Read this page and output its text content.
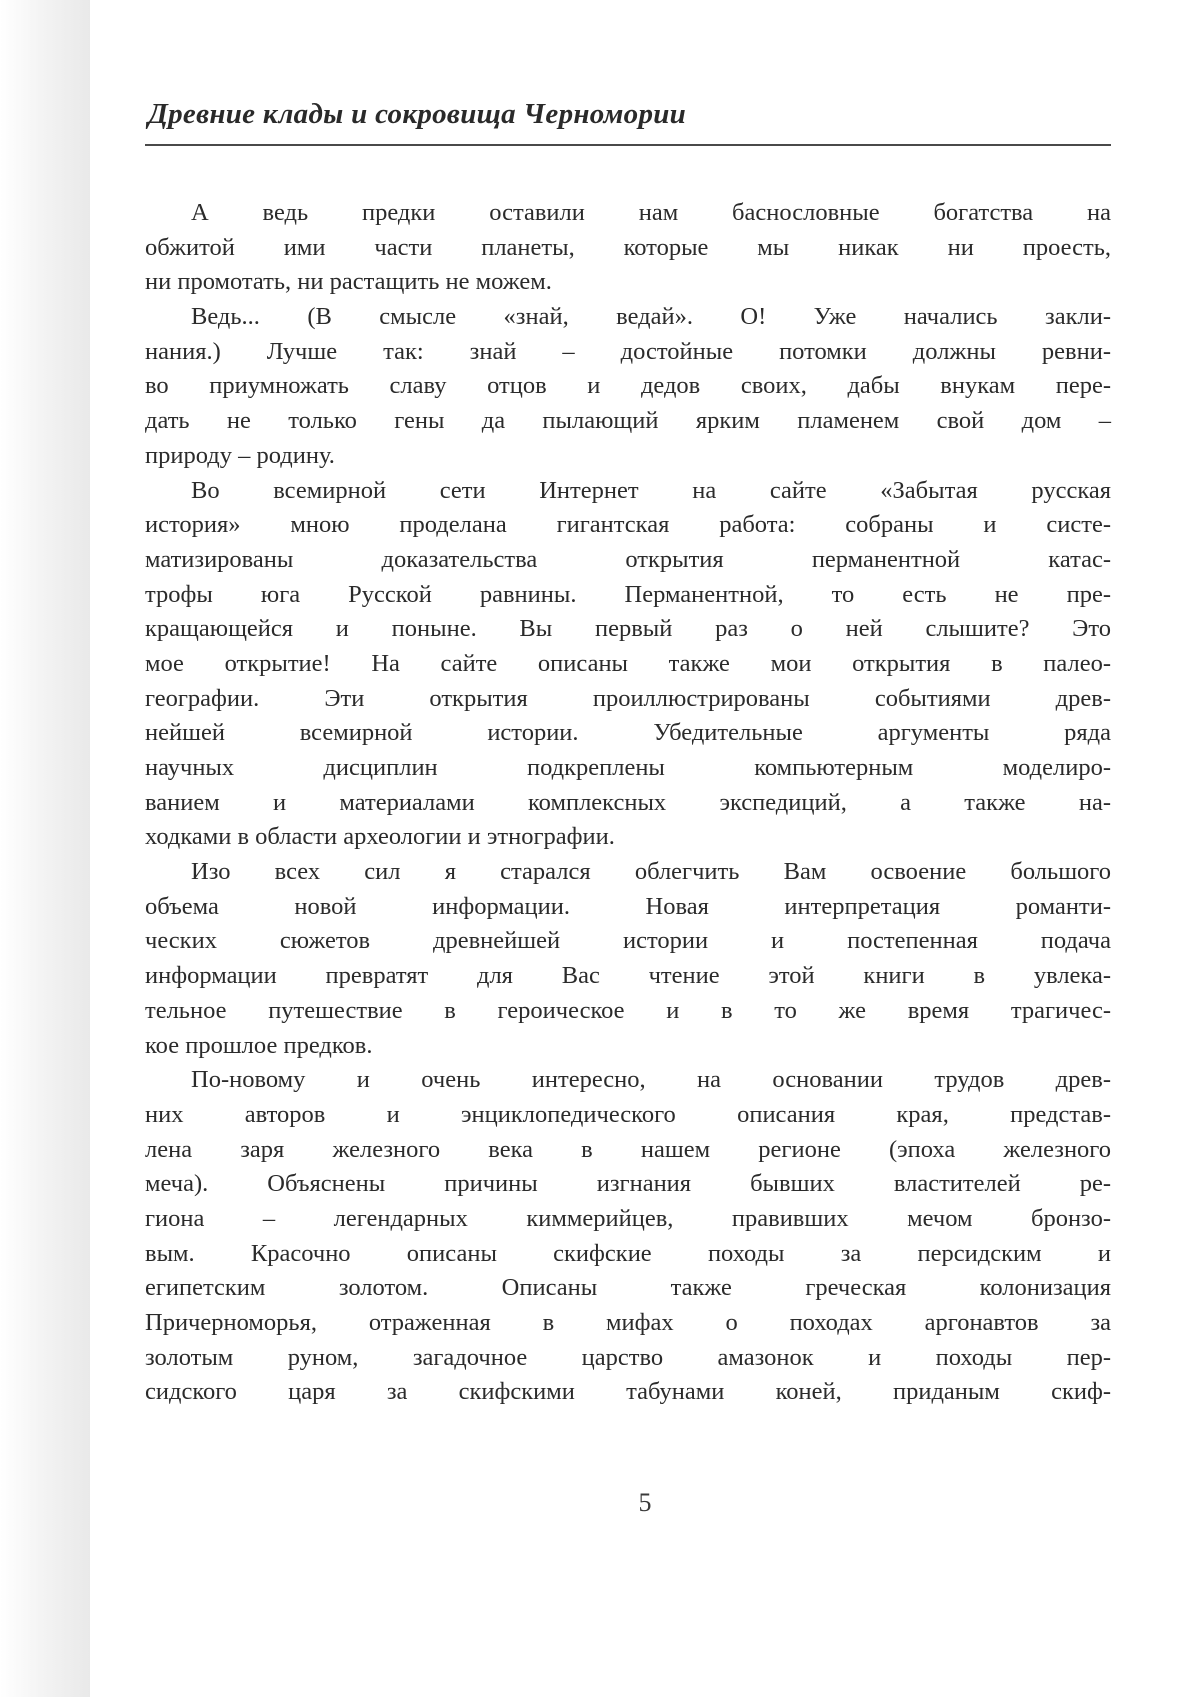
Древние клады и сокровища Черномории
А ведь предки оставили нам баснословные богатства на
обжитой ими части планеты, которые мы никак ни проесть,
ни промотать, ни растащить не можем.
Ведь... (В смысле «знай, ведай». О! Уже начались закли-
нания.) Лучше так: знай – достойные потомки должны ревни-
во приумножать славу отцов и дедов своих, дабы внукам пере-
дать не только гены да пылающий ярким пламенем свой дом –
природу – родину.
Во всемирной сети Интернет на сайте «Забытая русская
история» мною проделана гигантская работа: собраны и систе-
матизированы доказательства открытия перманентной катас-
трофы юга Русской равнины. Перманентной, то есть не пре-
кращающейся и поныне. Вы первый раз о ней слышите? Это
мое открытие! На сайте описаны также мои открытия в палео-
географии. Эти открытия проиллюстрированы событиями древ-
нейшей всемирной истории. Убедительные аргументы ряда
научных дисциплин подкреплены компьютерным моделиро-
ванием и материалами комплексных экспедиций, а также на-
ходками в области археологии и этнографии.
Изо всех сил я старался облегчить Вам освоение большого
объема новой информации. Новая интерпретация романти-
ческих сюжетов древнейшей истории и постепенная подача
информации превратят для Вас чтение этой книги в увлека-
тельное путешествие в героическое и в то же время трагичес-
кое прошлое предков.
По-новому и очень интересно, на основании трудов древ-
них авторов и энциклопедического описания края, представ-
лена заря железного века в нашем регионе (эпоха железного
меча). Объяснены причины изгнания бывших властителей ре-
гиона – легендарных киммерийцев, правивших мечом бронзо-
вым. Красочно описаны скифские походы за персидским и
египетским золотом. Описаны также греческая колонизация
Причерноморья, отраженная в мифах о походах аргонавтов за
золотым руном, загадочное царство амазонок и походы пер-
сидского царя за скифскими табунами коней, приданым скиф-
5
